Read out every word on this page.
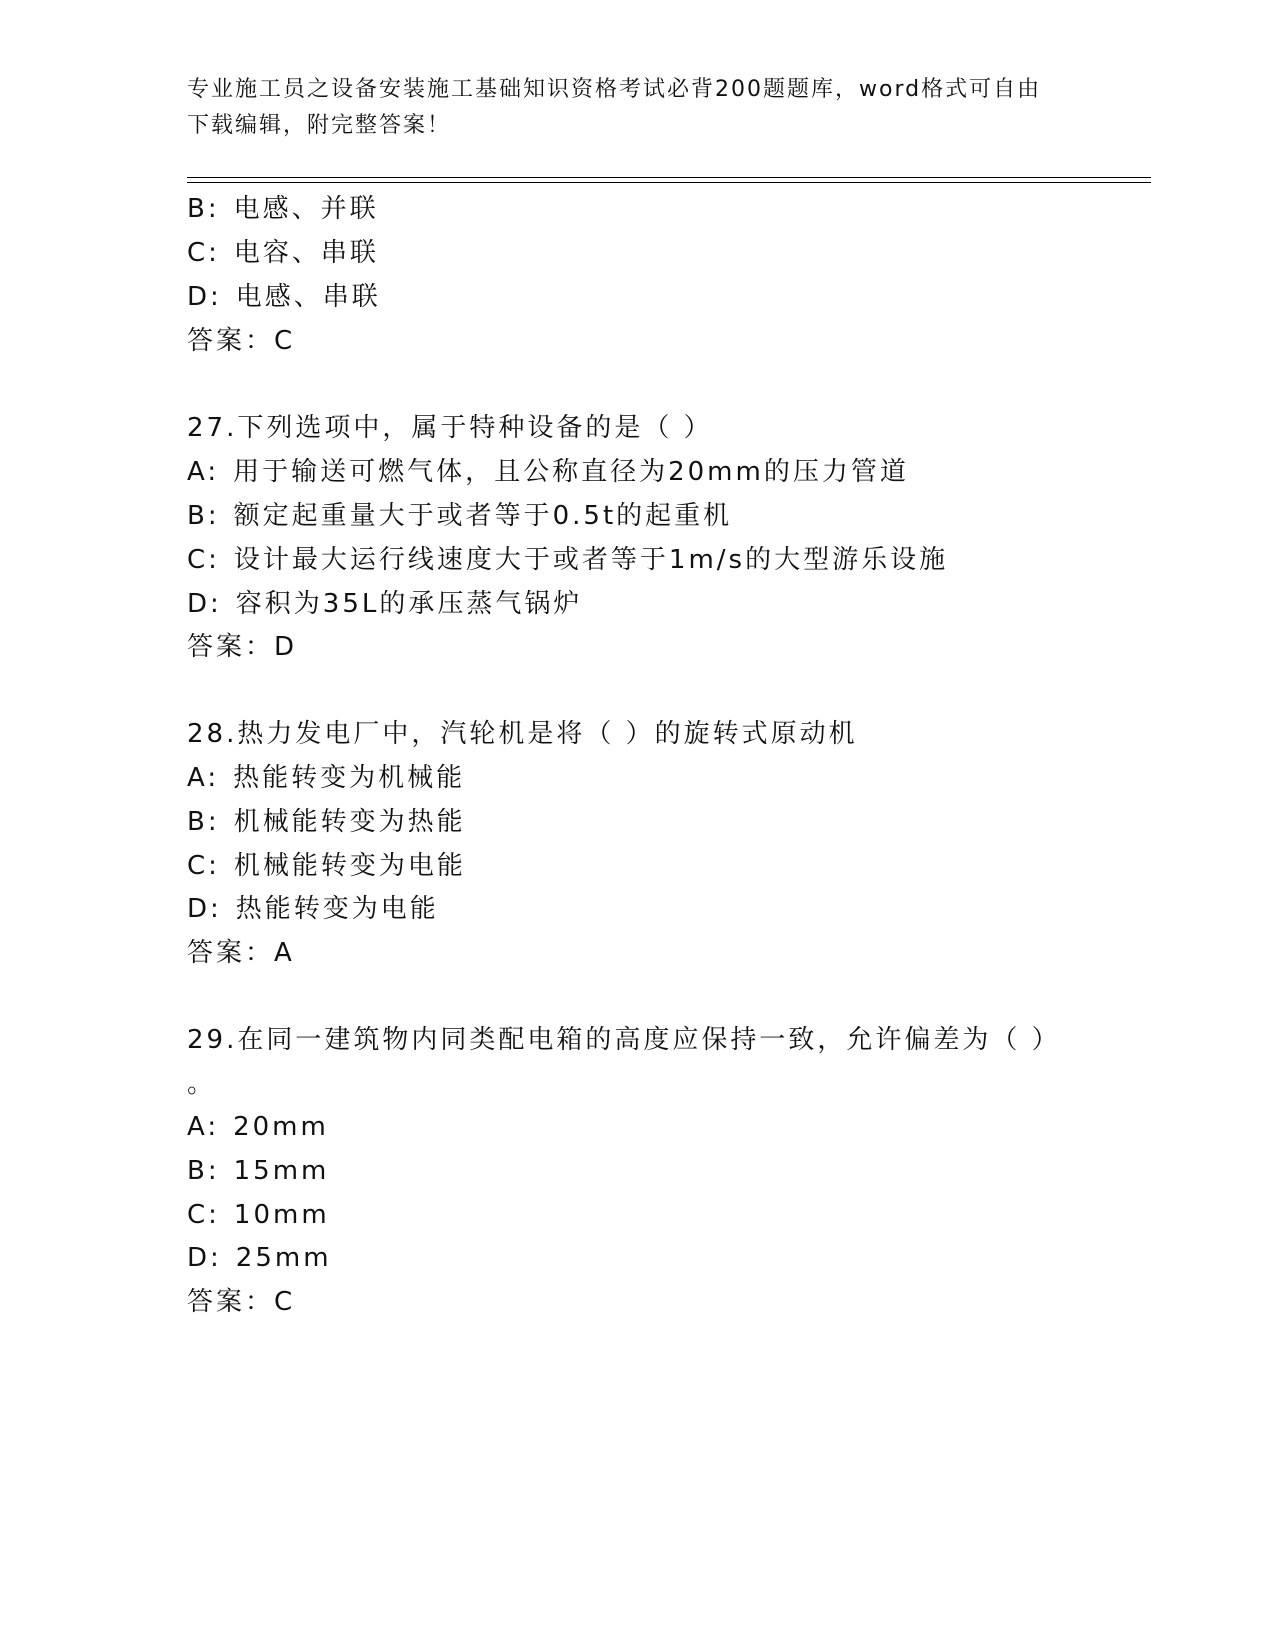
专业施工员之设备安装施工基础知识资格考试必背200题题库，word格式可自由
下载编辑，附完整答案！
B: 电感、并联
C: 电容、串联
D: 电感、串联
答案：C
27.下列选项中，属于特种设备的是（ ）
A: 用于输送可燃气体，且公称直径为20mm的压力管道
B: 额定起重量大于或者等于0.5t的起重机
C: 设计最大运行线速度大于或者等于1m/s的大型游乐设施
D: 容积为35L的承压蒸气锅炉
答案：D
28.热力发电厂中，汽轮机是将（ ）的旋转式原动机
A: 热能转变为机械能
B: 机械能转变为热能
C: 机械能转变为电能
D: 热能转变为电能
答案：A
29.在同一建筑物内同类配电箱的高度应保持一致，允许偏差为（ ）
。
A: 20mm
B: 15mm
C: 10mm
D: 25mm
答案：C
